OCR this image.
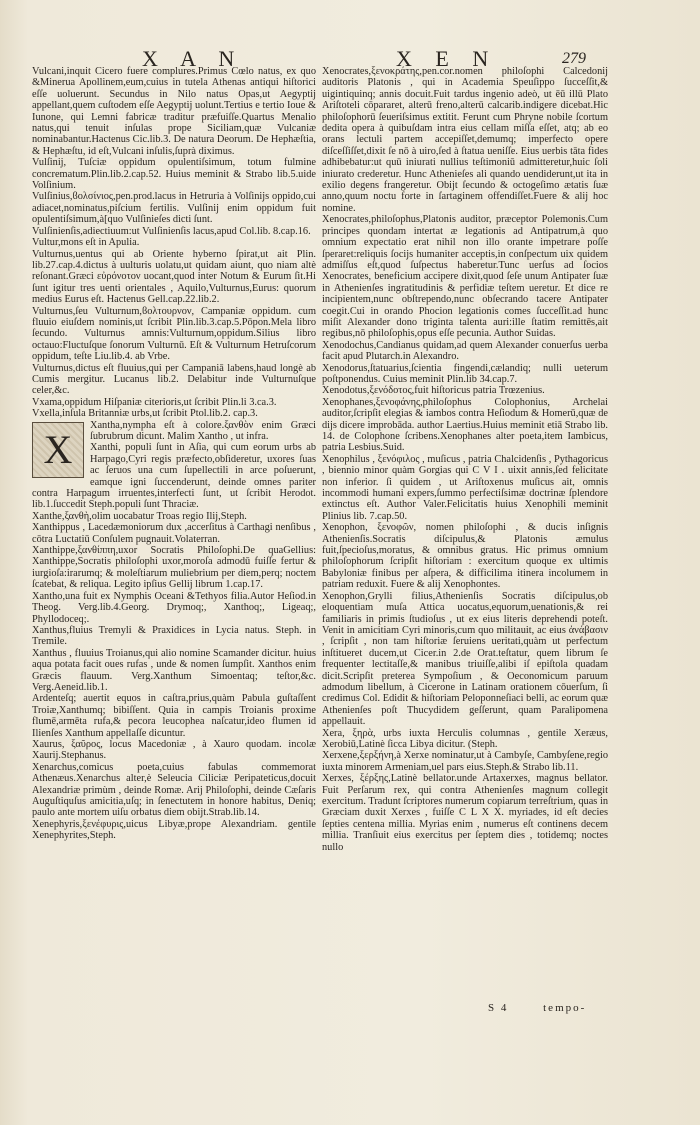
X A N	X E N	279

Vulcani,inquit Cicero fuere complures.Primus Cœlo natus, ex quo &Minerua Apollinem,eum,cuius in tutela Athenas antiqui hiſtorici eſſe uoluerunt. Secundus in Nilo natus Opas,ut Aegyptij appellant,quem cuſtodem eſſe Aegyptij uolunt.Tertius e tertio Ioue & Iunone, qui Lemni fabricæ traditur præfuiſſe.Quartus Menalio natus,qui tenuit inſulas prope Siciliam,quæ Vulcaniæ nominabantur.Hactenus Cic.lib.3. De natura Deorum. De Hephæſtia, & Hephæſtu, id eſt,Vulcani inſulis,ſuprà diximus.

Vulſinij, Tuſciæ oppidum opulentiſsimum, totum fulmine concrematum.Plin.lib.2.cap.52. Huius meminit & Strabo lib.5.uide Volſinium.

Vulſinius,ϐολσίνιος,pen.prod.lacus in Hetruria à Volſinijs oppido,cui adiacet,nominatus,piſcium fertilis. Vulſinij enim oppidum fuit opulentiſsimum,à[quo Vulſinieſes dicti ſunt.

Vulſinienſis,adiectiuum:ut Vulſinienſis lacus,apud Col.lib. 8.cap.16.

Vultur,mons eſt in Apulia.

Vulturnus,uentus qui ab Oriente hyberno ſpirat,ut ait Plin. lib.27.cap.4.dictus à uulturis uolatu,ut quidam aiunt, quo niam altè reſonant.Græci εὐρόνοτον uocant,quod inter Notum & Eurum ſit.Hi ſunt igitur tres uenti orientales , Aquilo,Vulturnus,Eurus: quorum medius Eurus eſt. Hactenus Gell.cap.22.lib.2.

Vulturnus,ſeu Vulturnum,ϐολτουρνον, Campaniæ oppidum. cum fluuio eiuſdem nominis,ut ſcribit Plin.lib.3.cap.5.Pōpon.Mela libro ſecundo. Vulturnus amnis:Vulturnum,oppidum.Silius libro octauo:Fluctuſque ſonorum Vulturnū. Eſt & Vulturnum Hetruſcorum oppidum, teſte Liu.lib.4. ab Vrbe.

Vulturnus,dictus eſt fluuius,qui per Campaniā labens,haud longè ab Cumis mergitur. Lucanus lib.2. Delabitur inde Vulturnuſque celer,&c.

Vxama,oppidum Hiſpaniæ citerioris,ut ſcribit Plin.li 3.ca.3.

Vxella,inſula Britanniæ urbs,ut ſcribit Ptol.lib.2. cap.3.

X

Xantha,nympha eſt à colore.ξανθὸν enim Græci ſubrubrum dicunt. Malim Xantho , ut infra.

Xanthi, populi ſunt in Aſia, qui cum eorum urbs ab Harpago,Cyri regis præfecto,obſideretur, uxores ſuas ac ſeruos una cum ſupellectili in arce poſuerunt, eamque igni ſuccenderunt, deinde omnes pariter contra Harpagum irruentes,interfecti ſunt, ut ſcribit Herodot. lib.1.ſuccedit Steph.populi ſunt Thraciæ.

Xanthe,ξανθὴ,olim uocabatur Troas regio Ilij,Steph.

Xanthippus , Lacedæmoniorum dux ,accerſitus à Carthagi nenſibus , cōtra Luctatiū Conſulem pugnauit.Volaterran.

Xanthippe,ξανθίππη,uxor Socratis Philoſophi.De quaGellius: Xanthippe,Socratis philoſophi uxor,moroſa admodū fuiſſe fertur & iurgioſa:irarumq; & moleſtiarum muliebrium per diem,perq; noctem ſcatebat, & reliqua. Legito ipſius Gellij librum 1.cap.17.

Xantho,una fuit ex Nymphis Oceani &Tethyos filia.Autor Heſiod.in Theog. Verg.lib.4.Georg. Drymoq;, Xanthoq;, Ligeaq;, Phyllodoceq;.

Xanthus,fluius Tremyli & Praxidices in Lycia natus. Steph. in Tremile.

Xanthus , fluuius Troianus,qui alio nomine Scamander dicitur. huius aqua potata facit oues rufas , unde & nomen ſumpſit. Xanthos enim Græcis flauum. Verg.Xanthum Simoentaq; teſtor,&c. Verg.Aeneid.lib.1.

Ardenteſq; auertit equos in caſtra,prius,quàm Pabula guſtaſſent Troiæ,Xanthumq; bibiſſent. Quia in campis Troianis proxime flumē,armēta rufa,& pecora leucophea naſcatur,ideo flumen id Ilienſes Xanthum appellaſſe dicuntur.

Xaurus, ξαῦρος, locus Macedoniæ , à Xauro quodam. incolæ Xaurij.Stephanus.

Xenarchus,comicus poeta,cuius fabulas commemorat Athenæus.Xenarchus alter,è Seleucia Ciliciæ Peripateticus,docuit Alexandriæ primùm , deinde Romæ. Arij Philoſophi, deinde Cæſaris Auguſtiquſus amicitia,uſq; in ſenectutem in honore habitus, Deniq; paulo ante mortem uiſu orbatus diem obijt.Strab.lib.14.

Xenephyris,ξενέφυρις,uicus Libyæ,prope Alexandriam. gentile Xenephyrites,Steph.

Xenocrates,ξενοκράτης,pen.cor.nomen philoſophi Calcedonij auditoris Platonis , qui in Academia Speuſippo ſucceſſit,& uigintiquinq; annis docuit.Fuit tardus ingenio adeò, ut ēū illū Plato Ariſtoteli cōpararet, alterū freno,alterū calcarib.indigere dicebat.Hic philoſophorū ſeueriſsimus extitit. Ferunt cum Phryne nobile ſcortum dedita opera à quibuſdam intra eius cellam miſſa eſſet, atq; ab eo orans lectuli partem accepiſſet,demumq; imperfecto opere diſceſſiſſet,dixit ſe nō à uiro,ſed à ſtatua ueniſſe. Eius uerbis tāta fides adhibebatur:ut quū iniurati nullius teſtimoniū admitteretur,huic ſoli iniurato crederetur. Hunc Athenieſes ali quando uendiderunt,ut ita in exilio degens frangeretur. Obijt ſecundo & octogeſimo ætatis ſuæ anno,quum noctu forte in ſartaginem offendiſſet.Fuere & alij hoc nomine.

Xenocrates,philoſophus,Platonis auditor, præceptor Polemonis.Cum principes quondam intertat æ legationis ad Antipatrum,à quo omnium expectatio erat nihil non illo orante impetrare poſſe ſperaret:reliquis ſocijs humaniter acceptis,in conſpectum uix quidem admiſſus eſt,quod ſuſpectus haberetur.Tunc uerſus ad ſocios Xenocrates, beneficium accipere dixit,quod ſeſe unum Antipater ſuæ in Athenienſes ingratitudinis & perfidiæ teſtem ueretur. Et dice re incipientem,nunc obſtrependo,nunc obſecrando tacere Antipater coegit.Cui in orando Phocion legationis comes ſucceſſit.ad hunc miſit Alexander dono triginta talenta auri:ille ſtatim remittēs,ait regibus,nō philoſophis,opus eſſe pecunia. Author Suidas.

Xenodochus,Candianus quidam,ad quem Alexander conuerſus uerba facit apud Plutarch.in Alexandro.

Xenodorus,ſtatuarius,ſcientia fingendi,cælandiq; nulli ueterum poſtponendus. Cuius meminit Plin.lib 34.cap.7.

Xenodotus,ξενόδοτος,fuit hiſtoricus patria Trœzenius.

Xenophanes,ξενοφάνης,philoſophus Colophonius, Archelai auditor,ſcripſit elegias & iambos contra Heſiodum & Homerū,quæ de dijs dicere improbāda. author Laertius.Huius meminit etiā Strabo lib. 14. de Colophone ſcribens.Xenophanes alter poeta,item Iambicus, patria Lesbius.Suid.

Xenophilus , ξενόφιλος , muſicus , patria Chalcidenſis , Pythagoricus , biennio minor quàm Gorgias qui C V I . uixit annis,ſed felicitate non inferior. ſi quidem , ut Ariſtoxenus muſicus ait, omnis incommodi humani expers,ſummo perfectiſsimæ doctrinæ ſplendore extinctus eſt. Author Valer.Felicitatis huius Xenophili meminit Plinius lib. 7.cap.50.

Xenophon, ξενοφῶν, nomen philoſophi , & ducis inſignis Athenienſis.Socratis diſcipulus,& Platonis æmulus fuit,ſpecioſus,moratus, & omnibus gratus. Hic primus omnium philoſophorum ſcripſit hiſtoriam : exercitum quoque ex ultimis Babyloniæ finibus per aſpera, & difficilima itinera incolumem in patriam reduxit. Fuere & alij Xenophontes.

Xenophon,Grylli filius,Athenienſis Socratis diſcipulus,ob eloquentiam muſa Attica uocatus,equorum,uenationis,& rei familiaris in primis ſtudioſus , ut ex eius literis deprehendi poteſt. Venit in amicitiam Cyri minoris,cum quo militauit, ac eius ἀνάβασιν , ſcripſit , non tam hiſtoriæ ſeruiens ueritati,quàm ut perfectum inſtitueret ducem,ut Cicer.in 2.de Orat.teſtatur, quem librum ſe frequenter lectitaſſe,& manibus triuiſſe,alibi iſ epiſtola quadam dicit.Scripſit preterea Sympoſium , & Oeconomicum paruum admodum libellum, à Cicerone in Latinam orationem cōuerſum, ſi credimus Col. Edidit & hiſtoriam Peloponneſiaci belli, ac eorum quæ Athenienſes poſt Thucydidem geſſerunt, quam Paralipomena appellauit.

Xera, ξηρὰ, urbs iuxta Herculis columnas , gentile Xeræus, Xerobiū,Latinè ſicca Libya dicitur. (Steph.

Xerxene,ξερξήνη,à Xerxe nominatur,ut à Cambyſe, Cambyſene,regio iuxta minorem Armeniam,uel pars eius.Steph.& Strabo lib.11.

Xerxes, ξέρξης,Latinè bellator.unde Artaxerxes, magnus bellator. Fuit Perſarum rex, qui contra Athenienſes magnum collegit exercitum. Tradunt ſcriptores numerum copiarum terreſtrium, quas in Græciam duxit Xerxes , fuiſſe C L X X. myriades, id eſt decies ſepties centena millia. Myrias enim , numerus eſt continens decem millia. Tranſiuit eius exercitus per ſeptem dies , totidemq; noctes nullo

S 4	tempo-
